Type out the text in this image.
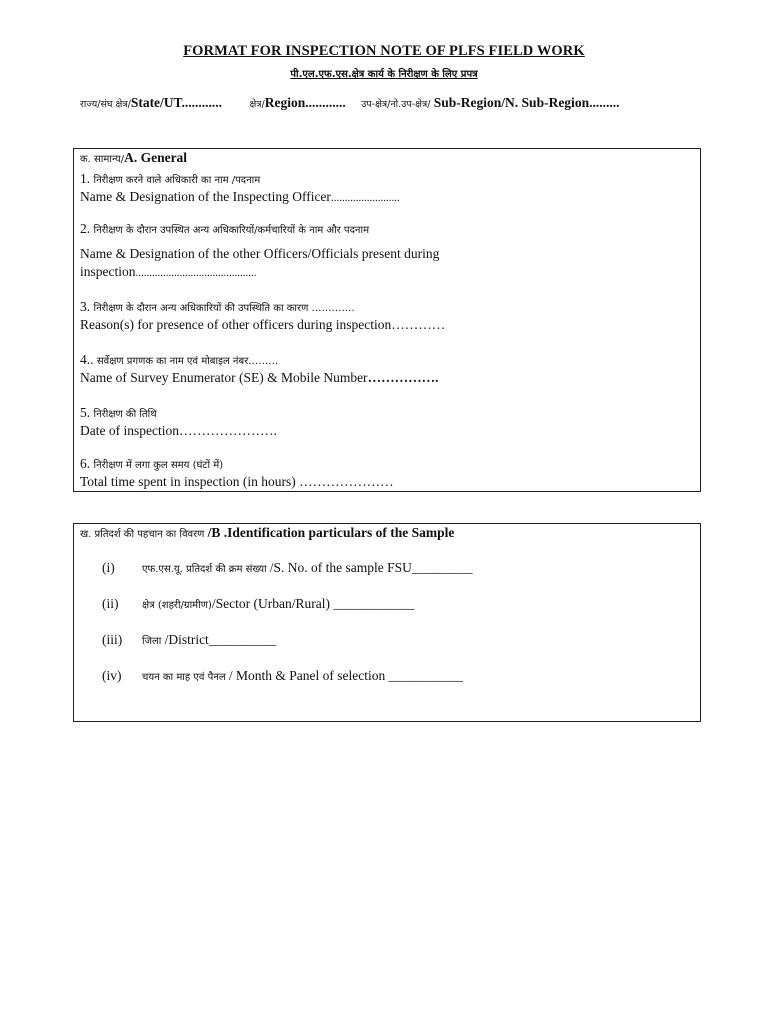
FORMAT FOR INSPECTION NOTE OF PLFS FIELD WORK
पी.एल.एफ.एस.क्षेत्र कार्य के निरीक्षण के लिए प्रपत्र
राज्य/संघ क्षेत्र/State/UT............	क्षेत्र/Region............ उप-क्षेत्र/नो.उप-क्षेत्र/ Sub-Region/N. Sub-Region.........
क. सामान्य/A. General
1. निरीक्षण करने वाले अधिकारी का नाम /पदनाम
Name & Designation of the Inspecting Officer.........................
2. निरीक्षण के दौरान उपस्थित अन्य अधिकारियों/कर्मचारियों के नाम और पदनाम
Name & Designation of the other Officers/Officials present during
inspection............................................
3. निरीक्षण के दौरान अन्य अधिकारियों की उपस्थिति का कारण ………….
Reason(s) for presence of other officers during inspection…………
4.. सर्वेक्षण प्रगणक का नाम एवं मोबाइल नंबर………
Name of Survey Enumerator (SE) & Mobile Number…………….
5. निरीक्षण की तिथि
Date of inspection………………….
6. निरीक्षण में लगा कुल समय (घंटों में)
Total time spent in inspection (in hours) …………………
ख. प्रतिदर्श की पहचान का विवरण /B .Identification particulars of the Sample
(i)	एफ.एस.यू. प्रतिदर्श की क्रम संख्या /S. No. of the sample FSU_________
(ii) क्षेत्र (शहरी/ग्रामीण)/Sector (Urban/Rural) ____________
(iii) जिला /District__________
(iv) चयन का माह एवं पैनल / Month & Panel of selection ___________
